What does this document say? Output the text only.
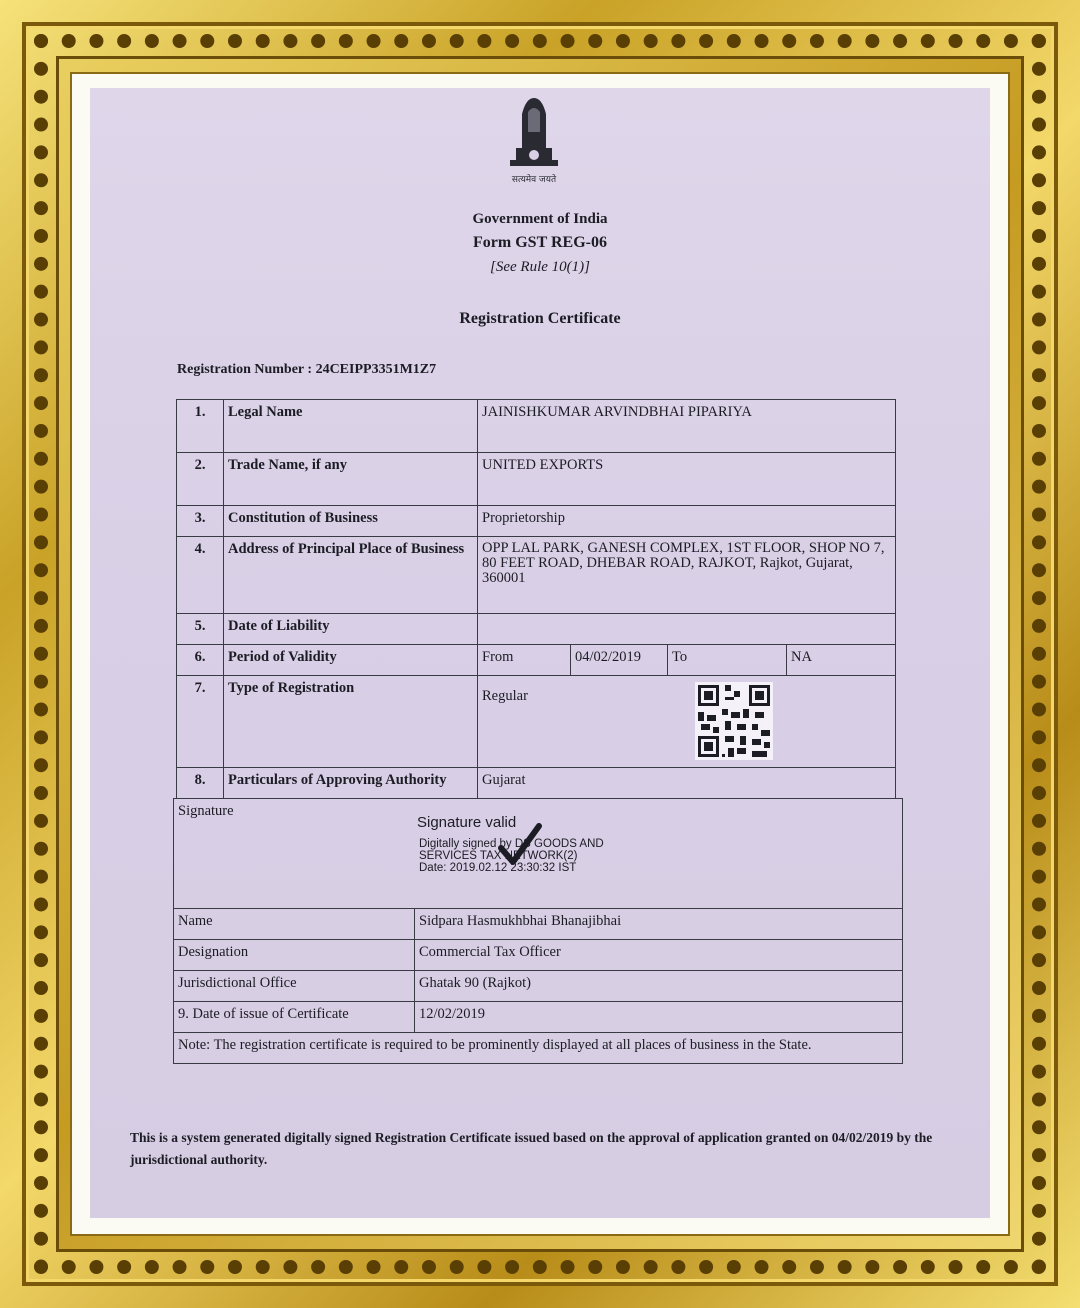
सत्यमेव जयते
Government of India
Form GST REG-06
[See Rule 10(1)]
Registration Certificate
Registration Number : 24CEIPP3351M1Z7
1.	Legal Name	JAINISHKUMAR ARVINDBHAI PIPARIYA			
2.	Trade Name, if any	UNITED EXPORTS			
3.	Constitution of Business	Proprietorship			
4.	Address of Principal Place of Business	OPP LAL PARK, GANESH COMPLEX, 1ST FLOOR, SHOP NO 7, 80 FEET ROAD, DHEBAR ROAD, RAJKOT, Rajkot, Gujarat, 360001			
5.	Date of Liability				
6.	Period of Validity	From	04/02/2019	To	NA
7.	Type of Registration	Regular			
8.	Particulars of Approving Authority	Gujarat			
Signature	
Name	Sidpara Hasmukhbhai Bhanajibhai
Designation	Commercial Tax Officer
Jurisdictional Office	Ghatak 90 (Rajkot)
9. Date of issue of Certificate	12/02/2019
Note: The registration certificate is required to be prominently displayed at all places of business in the State.	
Signature valid
Digitally signed by DS GOODS AND
SERVICES TAX NETWORK(2)
Date: 2019.02.12 23:30:32 IST
This is a system generated digitally signed Registration Certificate issued based on the approval of application granted on 04/02/2019 by the jurisdictional authority.
